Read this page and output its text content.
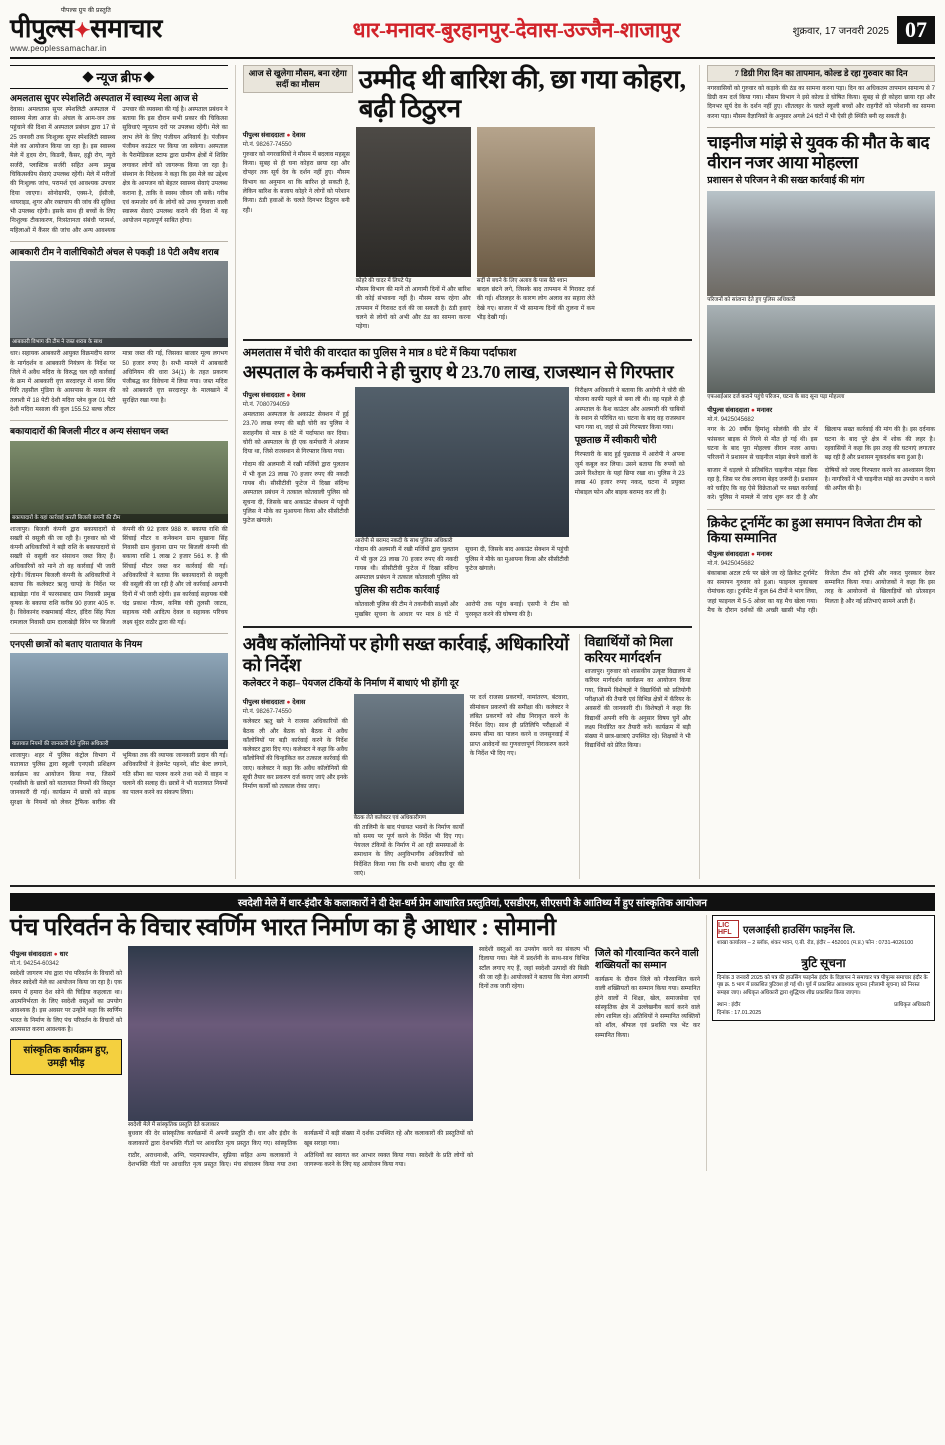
पीपल्स ग्रुप की प्रस्तुति
पीपुल्स✦समाचार
www.peoplessamachar.in
धार-मनावर-बुरहानपुर-देवास-उज्जैन-शाजापुर	शुक्रवार, 17 जनवरी 2025 07
न्यूज ब्रीफ
अमलतास सुपर स्पेशलिटी अस्पताल में स्वास्थ्य मेला आज से
देवास। अमलतास सुपर स्पेशलिटी अस्पताल में स्वास्थ्य मेला आज से। अंचल के आम-जन तक पहुंचाने की दिशा में अस्पताल प्रबंधन द्वारा 17 से 25 जनवरी तक निःशुल्क सुपर स्पेशलिटी स्वास्थ्य मेले का आयोजन किया जा रहा है। इस स्वास्थ्य मेले में हृदय रोग, किडनी, कैंसर, हड्डी रोग, न्यूरो सर्जरी, प्लास्टिक सर्जरी सहित अन्य प्रमुख चिकित्सकीय सेवाएं उपलब्ध रहेंगी। मेले में मरीजों की निःशुल्क जांच, परामर्श एवं आवश्यक उपचार दिया जाएगा। सोनोग्राफी, एक्स-रे, ईसीजी, थायराइड, शुगर और रक्तचाप की जांच की सुविधा भी उपलब्ध रहेगी। इसके साथ ही बच्चों के लिए निःशुल्क टीकाकरण, निःसंतानता संबंधी परामर्श, महिलाओं में कैंसर की जांच और अन्य आवश्यक उपचार की व्यवस्था की गई है। अस्पताल प्रबंधन ने बताया कि इस दौरान सभी प्रकार की चिकित्सा सुविधाएं न्यूनतम दरों पर उपलब्ध रहेंगी। मेले का लाभ लेने के लिए पंजीयन अनिवार्य है। पंजीयन पंजीयन काउंटर पर किया जा सकेगा। अस्पताल के पैरामेडिकल स्टाफ द्वारा ग्रामीण क्षेत्रों में शिविर लगाकर लोगों को जागरूक किया जा रहा है। संस्थान के निदेशक ने कहा कि इस मेले का उद्देश्य क्षेत्र के आमजन को बेहतर स्वास्थ्य सेवाएं उपलब्ध कराना है, ताकि वे स्वस्थ जीवन जी सकें। गरीब एवं कमजोर वर्ग के लोगों को उच्च गुणवत्ता वाली स्वास्थ्य सेवाएं उपलब्ध कराने की दिशा में यह आयोजन महत्वपूर्ण साबित होगा।
आबकारी टीम ने वालीचिकोटी अंचल से पकड़ी 18 पेटी अवैध शराब
आबकारी विभाग की टीम ने जब्त शराब के साथ
धार। सहायक आबकारी आयुक्त विक्रमदीप सागर के मार्गदर्शन व आबकारी नियंत्रण के निर्देश पर जिले में अवैध मदिरा के विरुद्ध चल रही कार्रवाई के क्रम में आबकारी वृत्त सरदारपुर में थाना सिंघ गिरि तहसील मुंडिया के आसपास के मकान की तलाशी में 18 पेटी देशी मदिरा प्लेन कुल 01 पेटी देशी मदिरा मसाला की कुल 155.52 बल्क लीटर मात्रा जब्त की गई, जिसका बाजार मूल्य लगभग 50 हजार रुपए है। सभी मामले में आबकारी अधिनियम की धारा 34(1) के तहत प्रकरण पंजीबद्ध कर विवेचना में लिया गया। जब्त मदिरा को आबकारी वृत्त सरदारपुर के मालखाने में सुरक्षित रखा गया है।
बकायादारों की बिजली मीटर व अन्य संसाधन जब्त
बकायादारों के यहां कार्रवाई करती बिजली कंपनी की टीम
शाजापुर। बिजली कंपनी द्वारा बकायादारों से सख्ती से वसूली की जा रही है। गुरुवार को भी कंपनी अधिकारियों ने बड़ी राशि के बकायादारों से सख्ती से वसूली कर संसाधन जब्त किए हैं। अधिकारियों को माने तो वह कार्रवाई भी जारी रहेगी। चिंतामन बिजली कंपनी के अधिकारियों ने बताया कि कलेक्टर ऋजु चापड़े के निर्देश पर बड़ाखेड़ा गांव में फारसाबाद ग्राम निवासी प्रमुख कृषक के बकाया राशि करीब 90 हजार 405 रु. है। विवेकानंद रुखमाबाई मीटर, इंदिरा सिंह पिता रामलाल निवासी ग्राम दालाखेड़ी विरेन पर बिजली कंपनी की 92 हजार 988 रु. बकाया राशि की सिंचाई मीटर व कनेक्शन ग्राम सुखाना सिंह निवासी ग्राम कुंवाना ग्राम पर बिजली कंपनी की बकाया राशि 1 लाख 2 हजार 561 रु. है की सिंचाई मीटर जब्त कर कार्रवाई की गई। अधिकारियों ने बताया कि बकायादारों से वसूली की वसूली की जा रही है और जो कार्रवाई आगामी दिनों में भी जारी रहेगी। इस कार्रवाई सहायक यंत्री चंद्र प्रकाश गौतम, कनिष्ठ यंत्री तुलसी जाटव, सहायक मंत्री आदित्य देवल व सहायक परिचय लक्ष्य सुंदर राठौर द्वारा की गई।
एनएसी छात्रों को बताए यातायात के नियम
यातायात नियमों की जानकारी देते पुलिस अधिकारी
शाजापुर। शहर में पुलिस कंट्रोल विभाग में यातायात पुलिस द्वारा स्कूली एनएसी प्रशिक्षण कार्यक्रम का आयोजन किया गया, जिसमें एनसीसी के छात्रों को यातायात नियमों की विस्तृत जानकारी दी गई। कार्यक्रम में छात्रों को सड़क सुरक्षा के नियमों को लेकर ट्रैफिक बारीक की भूमिका तक की व्यापक जानकारी प्रदान की गई। अधिकारियों ने हेलमेट पहनने, सीट बेल्ट लगाने, गति सीमा का पालन करने तथा नशे में वाहन न चलाने की सलाह दी। छात्रों ने भी यातायात नियमों का पालन करने का संकल्प लिया।
आज से खुलेगा मौसम, बना रहेगा सर्दी का मौसम	उम्मीद थी बारिश की, छा गया कोहरा, बढ़ी ठिठुरन
पीपुल्स संवाददाता ● देवास
मो.नं. 98267-74550
गुरुवार को नगरवासियों ने मौसम में बदलाव महसूस किया। सुबह से ही घना कोहरा छाया रहा और दोपहर तक सूर्य देव के दर्शन नहीं हुए। मौसम विभाग का अनुमान था कि बारिश हो सकती है, लेकिन बारिश के बजाय कोहरे ने लोगों को परेशान किया। ठंडी हवाओं के चलते दिनभर ठिठुरन बनी रही।
कोहरे की चादर में लिपटे पेड़
मौसम विभाग की मानें तो आगामी दिनों में और बारिश की कोई संभावना नहीं है। मौसम साफ रहेगा और तापमान में गिरावट दर्ज की जा सकती है। ठंडी हवाएं चलने से लोगों को अभी और ठंड का सामना करना पड़ेगा।
सर्दी से बचने के लिए अलाव के पास बैठे श्वान
बादल छंटने लगे, जिसके बाद तापमान में गिरावट दर्ज की गई। शीतलहर के कारण लोग अलाव का सहारा लेते देखे गए। बाजार में भी सामान्य दिनों की तुलना में कम भीड़ देखी गई।
अमलतास में चोरी की वारदात का पुलिस ने मात्र 8 घंटे में किया पर्दाफाश
अस्पताल के कर्मचारी ने ही चुराए थे 23.70 लाख, राजस्थान से गिरफ्तार
पीपुल्स संवाददाता ● देवास
मो.नं. 7080794059
अमलतास अस्पताल के अकाउंट सेक्शन में हुई 23.70 लाख रुपए की बड़ी चोरी का पुलिस ने सराहनीय से मात्र 8 घंटे में पर्दाफाश कर दिया। चोरी को अस्पताल के ही एक कर्मचारी ने अंजाम दिया था, जिसे राजस्थान से गिरफ्तार किया गया।
गोदाम की अलमारी में रखी मर्जियों द्वारा पुलतान में भी कुल 23 लाख 70 हजार रुपए की नकदी गायब थी। सीसीटीवी फुटेज में दिखा संदिग्ध अस्पताल प्रबंधन ने तत्काल कोतवाली पुलिस को सूचना दी, जिसके बाद अकाउंट सेक्शन में पहुंची पुलिस ने मौके का मुआयना किया और सीसीटीवी फुटेज खंगाले।
आरोपी से बरामद नकदी के साथ पुलिस अधिकारी
गोदाम की अलमारी में रखी मर्जियों द्वारा पुलतान में भी कुल 23 लाख 70 हजार रुपए की नकदी गायब थी। सीसीटीवी फुटेज में दिखा संदिग्ध अस्पताल प्रबंधन ने तत्काल कोतवाली पुलिस को सूचना दी, जिसके बाद अकाउंट सेक्शन में पहुंची पुलिस ने मौके का मुआयना किया और सीसीटीवी फुटेज खंगाले।
पुलिस की सटीक कार्रवाई
कोतवाली पुलिस की टीम ने तकनीकी साक्ष्यों और मुखबिर सूचना के आधार पर मात्र 8 घंटे में आरोपी तक पहुंच बनाई। एसपी ने टीम को पुरस्कृत करने की घोषणा की है।
निरीक्षण अधिकारी ने बताया कि आरोपी ने चोरी की योजना काफी पहले से बना ली थी। वह पहले से ही अस्पताल के कैश काउंटर और अलमारी की चाबियों के स्थान से परिचित था। घटना के बाद वह राजस्थान भाग गया था, जहां से उसे गिरफ्तार किया गया।
पूछताछ में स्वीकारी चोरी
गिरफ्तारी के बाद हुई पूछताछ में आरोपी ने अपना जुर्म कबूल कर लिया। उसने बताया कि रुपयों को उसने रिश्तेदार के यहां छिपा रखा था। पुलिस ने 23 लाख 40 हजार रुपए नकद, घटना में प्रयुक्त मोबाइल फोन और बाइक बरामद कर ली है।
अवैध कॉलोनियों पर होगी सख्त कार्रवाई, अधिकारियों को निर्देश
कलेक्टर ने कहा– पेयजल टंकियों के निर्माण में बाधाएं भी होंगी दूर
पीपुल्स संवाददाता ● देवास
मो.नं. 98267-74550
कलेक्टर ऋतु खरे ने राजस्व अधिकारियों की बैठक ली और बैठक को बैठक में अवैध कॉलोनियों पर बड़ी कार्रवाई करने के निर्देश कलेक्टर द्वारा दिए गए। कलेक्टर ने कहा कि अवैध कॉलोनियों की चिन्हांकित कर तत्काल कार्रवाई की जाए। कलेक्टर ने कहा कि अवैध कॉलोनियों की सूची तैयार कर प्रकरण दर्ज कराए जाएं और इनके निर्माण कार्यों को तत्काल रोका जाए।
बैठक लेते कलेक्टर एवं अधिकारीगण
की तालिमी के बाद पंचायत भवनों के निर्माण कार्यों को समय पर पूर्ण करने के निर्देश भी दिए गए। पेयजल टंकियों के निर्माण में आ रही समस्याओं के समाधान के लिए अनुविभागीय अधिकारियों को निर्देशित किया गया कि सभी बाधाएं शीघ्र दूर की जाएं।
पर दर्ज राजस्व प्रकरणों, नामांतरण, बंटवारा, सीमांकन प्रकरणों की समीक्षा की। कलेक्टर ने लंबित प्रकरणों को शीघ्र निराकृत करने के निर्देश दिए। साथ ही प्रतिलिपि परीक्षाओं में समय सीमा का पालन करने व जनसुनवाई में प्राप्त आवेदनों का गुणवत्तापूर्ण निराकरण करने के निर्देश भी दिए गए।
विद्यार्थियों को मिला करियर मार्गदर्शन
शाजापुर। गुरुवार को शासकीय उत्कृष्ट विद्यालय में करियर मार्गदर्शन कार्यक्रम का आयोजन किया गया, जिसमें विशेषज्ञों ने विद्यार्थियों को प्रतियोगी परीक्षाओं की तैयारी एवं विभिन्न क्षेत्रों में कॅरियर के अवसरों की जानकारी दी। विशेषज्ञों ने कहा कि विद्यार्थी अपनी रुचि के अनुसार विषय चुनें और लक्ष्य निर्धारित कर तैयारी करें। कार्यक्रम में बड़ी संख्या में छात्र-छात्राएं उपस्थित रहे। शिक्षकों ने भी विद्यार्थियों को प्रेरित किया।
7 डिग्री गिरा दिन का तापमान, कोल्ड डे रहा गुरुवार का दिन
नगरवासियों को गुरुवार को कड़ाके की ठंड का सामना करना पड़ा। दिन का अधिकतम तापमान सामान्य से 7 डिग्री कम दर्ज किया गया। मौसम विभाग ने इसे कोल्ड डे घोषित किया। सुबह से ही कोहरा छाया रहा और दिनभर सूर्य देव के दर्शन नहीं हुए। शीतलहर के चलते स्कूली बच्चों और राहगीरों को परेशानी का सामना करना पड़ा। मौसम वैज्ञानिकों के अनुसार अगले 24 घंटों में भी ऐसी ही स्थिति बनी रह सकती है।
चाइनीज मांझे से युवक की मौत के बाद वीरान नजर आया मोहल्ला
प्रशासन से परिजन ने की सख्त कार्रवाई की मांग
परिजनों को सांत्वना देते हुए पुलिस अधिकारी
एफआईआर दर्ज कराने पहुंचे परिजन, घटना के बाद सूना पड़ा मोहल्ला
पीपुल्स संवाददाता ● मनावर
मो.नं. 9425045682
नगर के 20 वर्षीय हिमांशु सोलंकी की डोर में फांसकर बाइक से गिरने से मौत हो गई थी। इस घटना के बाद पूरा मोहल्ला वीरान नजर आया। परिजनों ने प्रशासन से चाइनीज मांझा बेचने वालों के खिलाफ सख्त कार्रवाई की मांग की है। इस दर्दनाक घटना के बाद पूरे क्षेत्र में शोक की लहर है। रहवासियों ने कहा कि इस तरह की घटनाएं लगातार बढ़ रही हैं और प्रशासन मूकदर्शक बना हुआ है।
बाजार में धड़ल्ले से प्रतिबंधित चाइनीज मांझा बिक रहा है, जिस पर रोक लगाना बेहद जरूरी है। प्रशासन को चाहिए कि वह ऐसे विक्रेताओं पर सख्त कार्रवाई करे। पुलिस ने मामले में जांच शुरू कर दी है और दोषियों को जल्द गिरफ्तार करने का आश्वासन दिया है। नागरिकों ने भी चाइनीज मांझे का उपयोग न करने की अपील की है।
क्रिकेट टूर्नामेंट का हुआ समापन विजेता टीम को किया सम्मानित
पीपुल्स संवाददाता ● मनावर
मो.नं. 9425045682
बंकाबाबा अटल टर्फ पर खेले जा रहे क्रिकेट टूर्नामेंट का समापन गुरुवार को हुआ। फाइनल मुकाबला रोमांचक रहा। टूर्नामेंट में कुल 64 टीमों ने भाग लिया, जहां फाइनल में 5-5 ओवर का यह मैच खेला गया। मैच के दौरान दर्शकों की अच्छी खासी भीड़ रही। विजेता टीम को ट्रॉफी और नकद पुरस्कार देकर सम्मानित किया गया। आयोजकों ने कहा कि इस तरह के आयोजनों से खिलाड़ियों को प्रोत्साहन मिलता है और नई प्रतिभाएं सामने आती हैं।
स्वदेशी मेले में धार-इंदौर के कलाकारों ने दी देश-धर्म प्रेम आधारित प्रस्तुतियां, एसडीएम, सीएसपी के आतिथ्य में हुए सांस्कृतिक आयोजन
पंच परिवर्तन के विचार स्वर्णिम भारत निर्माण का है आधार : सोमानी
पीपुल्स संवाददाता ● धार
मो.नं. 94254-60342
स्वदेशी जागरण मंच द्वारा पंच परिवर्तन के विचारों को लेकर स्वदेशी मेले का आयोजन किया जा रहा है। एक समय में हमारा देश सोने की चिड़िया कहलाता था। आत्मनिर्भरता के लिए स्वदेशी वस्तुओं का उपयोग आवश्यक है। इस अवसर पर उन्होंने कहा कि स्वर्णिम भारत के निर्माण के लिए पंच परिवर्तन के विचारों को आत्मसात करना आवश्यक है।
सांस्कृतिक कार्यक्रम हुए, उमड़ी भीड़
स्वदेशी मेले में सांस्कृतिक प्रस्तुति देते कलाकार
बुधवार की देर सांस्कृतिक कार्यक्रमों में अपनी प्रस्तुति दी। धार और इंदौर के कलाकारों द्वारा देशभक्ति गीतों पर आधारित नृत्य प्रस्तुत किए गए। सांस्कृतिक कार्यक्रमों में बड़ी संख्या में दर्शक उपस्थित रहे और कलाकारों की प्रस्तुतियों को खूब सराहा गया।
राठौर, अराधनाश्री, अग्नि, पदमाफल्शीन, सुप्रिया सहित अन्य कलाकारों ने देशभक्ति गीतों पर आधारित नृत्य प्रस्तुत किए। मंच संचालन किया गया तथा अतिथियों का स्वागत कर आभार व्यक्त किया गया। स्वदेशी के प्रति लोगों को जागरूक करने के लिए यह आयोजन किया गया।
स्वदेशी वस्तुओं का उपयोग करने का संकल्प भी दिलाया गया। मेले में प्रदर्शनी के साथ-साथ विभिन्न स्टॉल लगाए गए हैं, जहां स्वदेशी उत्पादों की बिक्री की जा रही है। आयोजकों ने बताया कि मेला आगामी दिनों तक जारी रहेगा।
जिले को गौरवान्वित करने वाली शख्सियतों का सम्मान
कार्यक्रम के दौरान जिले को गौरवान्वित करने वाली शख्सियतों का सम्मान किया गया। सम्मानित होने वालों में शिक्षा, खेल, समाजसेवा एवं सांस्कृतिक क्षेत्र में उल्लेखनीय कार्य करने वाले लोग शामिल रहे। अतिथियों ने सम्मानित व्यक्तियों को शॉल, श्रीफल एवं प्रशस्ति पत्र भेंट कर सम्मानित किया।
LIC HFL	एलआईसी हाउसिंग फाइनेंस लि.
शाखा कार्यालय – 2 ब्लॉक, शंकर भवन, ए.बी. रोड, इंदौर – 452001 (म.प्र.) फोन : 0731-4026100
त्रुटि सूचना
दिनांक 3 जनवरी 2025 को पत्र की हाउसिंग फाइनेंस इंदौर के विज्ञापन ने समाचार पत्र पीपुल्स समाचार इंदौर के पृष्ठ क्र. 5 भाग में प्रकाशित त्रुटिवश हो गई थी। पूर्व में प्रकाशित आवश्यक सूचना (नीलामी सूचना) को निरस्त समझा जाए। अधिकृत अधिकारी द्वारा शुद्धिपत्र शीघ्र प्रकाशित किया जाएगा।
स्थान : इंदौर
दिनांक : 17.01.2025
प्राधिकृत अधिकारी
